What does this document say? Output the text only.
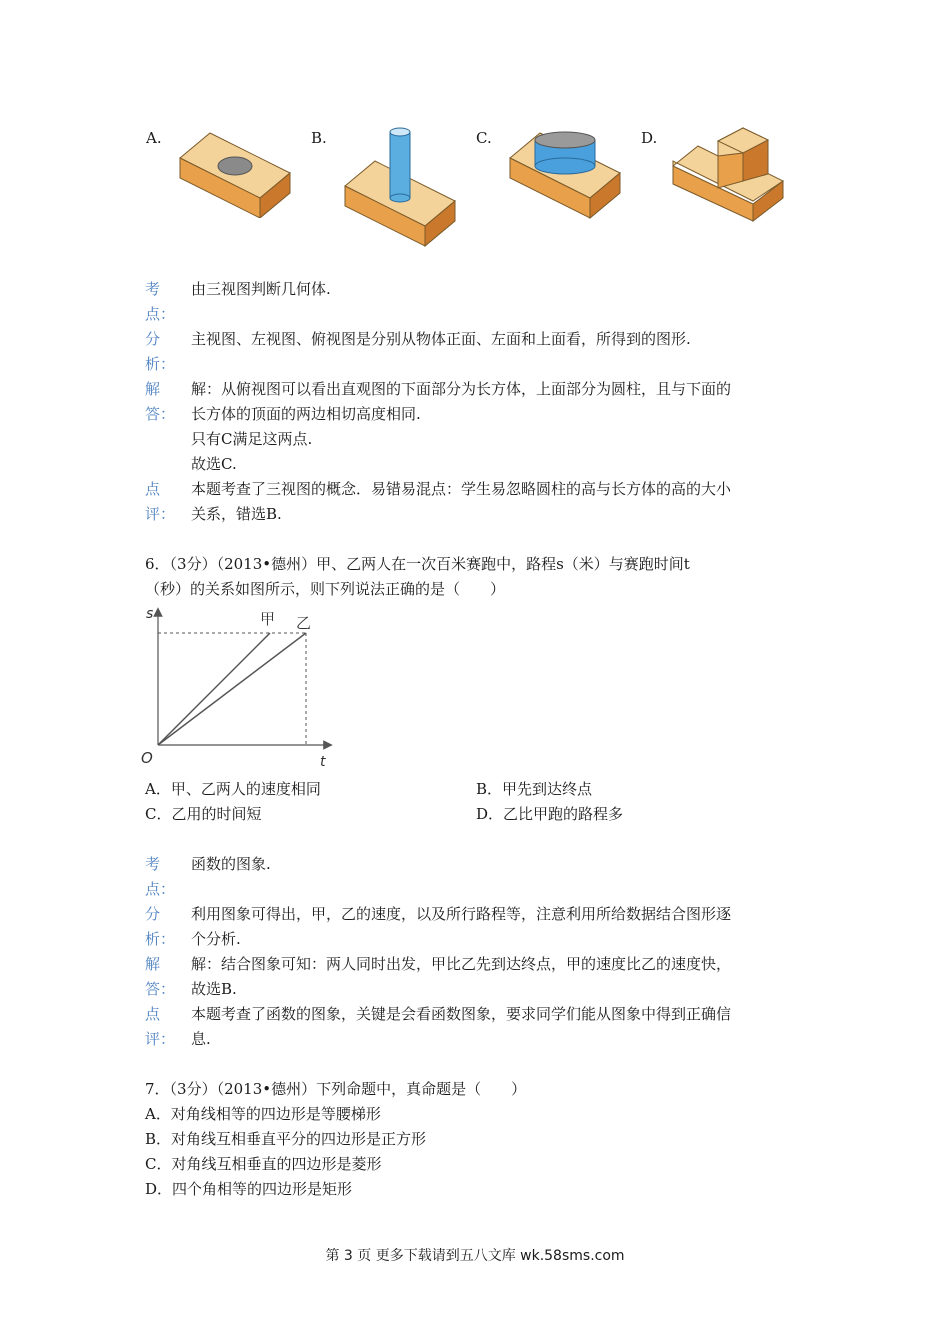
A.	B.	C.	D.
考
点：
由三视图判断几何体.
分
析：
主视图、左视图、俯视图是分别从物体正面、左面和上面看，所得到的图形.
解
答：
解：从俯视图可以看出直观图的下面部分为长方体，上面部分为圆柱，且与下面的
长方体的顶面的两边相切高度相同.
只有C满足这两点.
故选C.
点
评：
本题考查了三视图的概念．易错易混点：学生易忽略圆柱的高与长方体的高的大小
关系，错选B.
6．（3分）（2013•德州）甲、乙两人在一次百米赛跑中，路程s（米）与赛跑时间t
（秒）的关系如图所示，则下列说法正确的是（　　）
s
t
O
甲 乙
A．甲、乙两人的速度相同	B．甲先到达终点
C．乙用的时间短	D．乙比甲跑的路程多
考
点：
函数的图象.
分
析：
利用图象可得出，甲，乙的速度，以及所行路程等，注意利用所给数据结合图形逐
个分析.
解
答：
解：结合图象可知：两人同时出发，甲比乙先到达终点，甲的速度比乙的速度快，
故选B.
点
评：
本题考查了函数的图象，关键是会看函数图象，要求同学们能从图象中得到正确信
息.
7．（3分）（2013•德州）下列命题中，真命题是（　　）
A．对角线相等的四边形是等腰梯形
B．对角线互相垂直平分的四边形是正方形
C．对角线互相垂直的四边形是菱形
D．四个角相等的四边形是矩形
第 3 页 更多下载请到五八文库 wk.58sms.com
